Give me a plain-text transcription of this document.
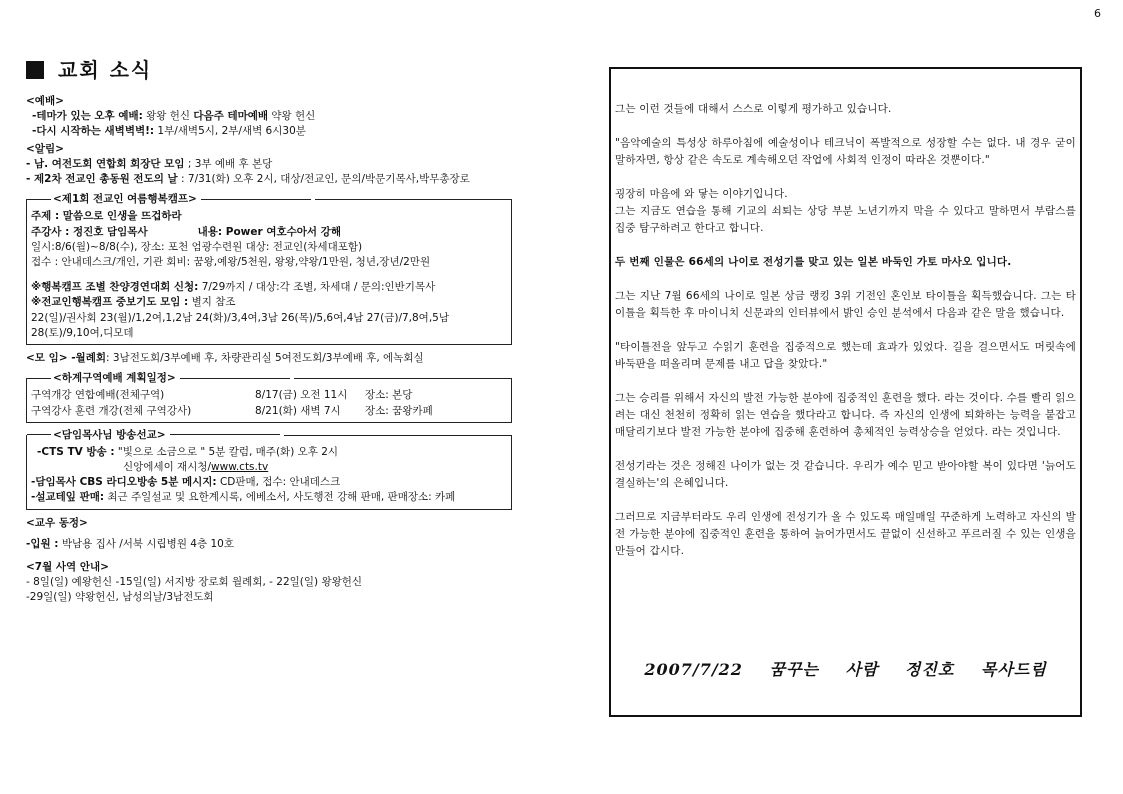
6
교회 소식
<예배>
-테마가 있는 오후 예배: 왕왕 헌신 다음주 테마예배 약왕 헌신
-다시 시작하는 새벽벽벽!: 1부/새벽5시, 2부/새벽 6시30분
<알림>
- 남. 여전도회 연합회 회장단 모임 ; 3부 예배 후 본당
- 제2차 전교인 총동원 전도의 날 : 7/31(화) 오후 2시, 대상/전교인, 문의/박문기목사,박무총장로
<제1회 전교인 여름행복캠프>
주제 : 말씀으로 인생을 뜨겁하라
주강사 : 정진호 담임목사	내용: Power 여호수아서 강해
일시:8/6(월)~8/8(수), 장소: 포천 엄광수련원 대상: 전교인(차세대포함)
접수 : 안내데스크/개인, 기관 회비: 꿈왕,예왕/5천원, 왕왕,약왕/1만원, 청년,장년/2만원
※행복캠프 조별 찬양경연대회 신청: 7/29까지 / 대상:각 조별, 차세대 / 문의:인반기목사
※전교인행복캠프 중보기도 모임 : 별지 참조
22(일)/권사회 23(월)/1,2여,1,2남 24(화)/3,4여,3남 26(목)/5,6여,4남 27(금)/7,8여,5남
28(토)/9,10여,디모데
<모 임> -월례회: 3남전도회/3부예배 후, 차량관리실 5여전도회/3부예배 후, 에녹회실
<하계구역예배 계획일정>
구역개강 연합예배(전체구역)	8/17(금) 오전 11시	장소: 본당
구역강사 훈련 개강(전체 구역강사)	8/21(화) 새벽 7시	장소: 꿈왕카페
<담임목사님 방송선교>
-CTS TV 방송 : "빛으로 소금으로 " 5분 칼럼, 매주(화) 오후 2시
신앙에세이 재시청/www.cts.tv
-담임목사 CBS 라디오방송 5분 메시지: CD판매, 접수: 안내데스크
-설교테잎 판매: 최근 주일설교 및 요한계시록, 에베소서, 사도행전 강해 판매, 판매장소: 카페
<교우 동정>
-입원 : 박남용 집사 /서북 시립병원 4층 10호
<7월 사역 안내>
- 8일(일) 예왕헌신 -15일(일) 서지방 장로회 월례회, - 22일(일) 왕왕헌신
-29일(일) 약왕헌신, 남성의날/3남전도회

그는 이런 것들에 대해서 스스로 이렇게 평가하고 있습니다.

"음악예술의 특성상 하루아침에 예술성이나 테크닉이 폭발적으로 성장할 수는 없다. 내 경우 굳이 말하자면, 항상 같은 속도로 계속해오던 작업에 사회적 인정이 따라온 것뿐이다."

굉장히 마음에 와 닿는 이야기입니다.

그는 지금도 연습을 통해 기교의 쇠퇴는 상당 부분 노년기까지 막을 수 있다고 말하면서 부람스를 집중 탐구하려고 한다고 합니다.

두 번째 인물은 66세의 나이로 전성기를 맞고 있는 일본 바둑인 가토 마사오 입니다.

그는 지난 7월 66세의 나이로 일본 상금 랭킹 3위 기전인 혼인보 타이틀을 획득했습니다. 그는 타이틀을 획득한 후 마이니치 신문과의 인터뷰에서 밝인 승인 분석에서 다음과 같은 말을 했습니다.

"타이틀전을 앞두고 수읽기 훈련을 집중적으로 했는데 효과가 있었다. 길을 걸으면서도 머릿속에 바둑판을 떠올리며 문제를 내고 답을 찾았다."

그는 승리를 위해서 자신의 발전 가능한 분야에 집중적인 훈련을 했다. 라는 것이다. 수를 빨리 읽으려는 대신 천천히 정확히 읽는 연습을 했다라고 합니다. 즉 자신의 인생에 퇴화하는 능력을 붙잡고 매달리기보다 발전 가능한 분야에 집중해 훈련하여 총체적인 능력상승을 얻었다. 라는 것입니다.

전성기라는 것은 정해진 나이가 없는 것 같습니다. 우리가 예수 믿고 받아야할 복이 있다면 '늙어도 결실하는'의 은혜입니다.

그러므로 지금부터라도 우리 인생에 전성기가 올 수 있도록 매일매일 꾸준하게 노력하고 자신의 발전 가능한 분야에 집중적인 훈련을 통하여 늙어가면서도 끝없이 신선하고 푸르러질 수 있는 인생을 만들어 갑시다.

2007/7/22 꿈꾸는 사람 정진호 목사드림
